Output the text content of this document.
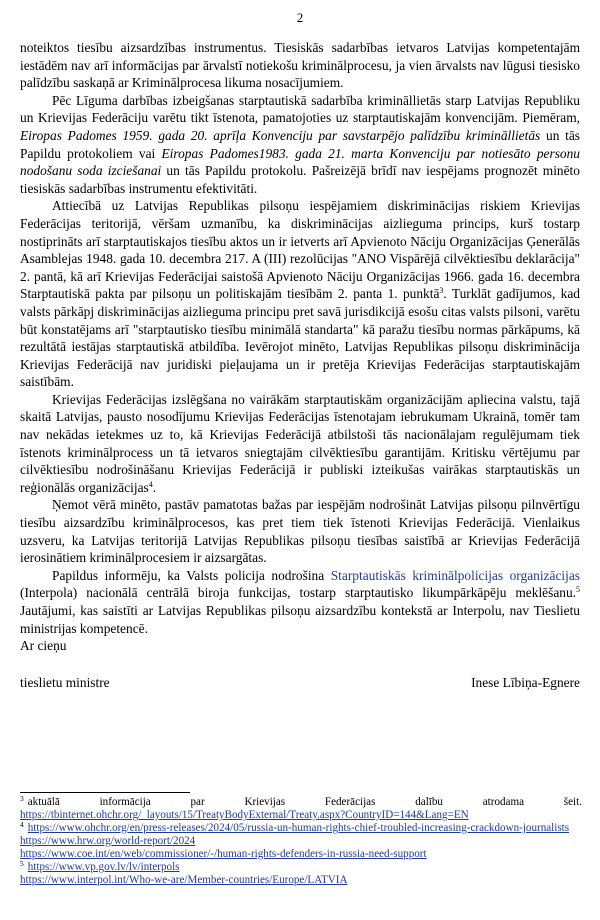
2

noteiktos tiesību aizsardzības instrumentus. Tiesiskās sadarbības ietvaros Latvijas kompetentajām iestādēm nav arī informācijas par ārvalstī notiekošu kriminālprocesu, ja vien ārvalsts nav lūgusi tiesisko palīdzību saskaņā ar Kriminālprocesa likuma nosacījumiem.

Pēc Līguma darbības izbeigšanas starptautiskā sadarbība krimināllietās starp Latvijas Republiku un Krievijas Federāciju varētu tikt īstenota, pamatojoties uz starptautiskajām konvencijām. Piemēram, Eiropas Padomes 1959. gada 20. aprīļa Konvenciju par savstarpējo palīdzību krimināllietās un tās Papildu protokoliem vai Eiropas Padomes1983. gada 21. marta Konvenciju par notiesāto personu nodošanu soda izciešanai un tās Papildu protokolu. Pašreizējā brīdī nav iespējams prognozēt minēto tiesiskās sadarbības instrumentu efektivitāti.

Attiecībā uz Latvijas Republikas pilsoņu iespējamiem diskriminācijas riskiem Krievijas Federācijas teritorijā, vēršam uzmanību, ka diskriminācijas aizlieguma princips, kurš tostarp nostiprināts arī starptautiskajos tiesību aktos un ir ietverts arī Apvienoto Nāciju Organizācijas Ģenerālās Asamblejas 1948. gada 10. decembra 217. A (III) rezolūcijas "ANO Vispārējā cilvēktiesību deklarācija" 2. pantā, kā arī Krievijas Federācijai saistošā Apvienoto Nāciju Organizācijas 1966. gada 16. decembra Starptautiskā pakta par pilsoņu un politiskajām tiesībām 2. panta 1. punktā$^3$. Turklāt gadījumos, kad valsts pārkāpj diskriminācijas aizlieguma principu pret savā jurisdikcijā esošu citas valsts pilsoni, varētu būt konstatējams arī "starptautisko tiesību minimālā standarta" kā paražu tiesību normas pārkāpums, kā rezultātā iestājas starptautiskā atbildība. Ievērojot minēto, Latvijas Republikas pilsoņu diskriminācija Krievijas Federācijā nav juridiski pieļaujama un ir pretēja Krievijas Federācijas starptautiskajām saistībām.

Krievijas Federācijas izslēgšana no vairākām starptautiskām organizācijām apliecina valstu, tajā skaitā Latvijas, pausto nosodījumu Krievijas Federācijas īstenotajam iebrukumam Ukrainā, tomēr tam nav nekādas ietekmes uz to, kā Krievijas Federācijā atbilstoši tās nacionālajam regulējumam tiek īstenots kriminālprocess un tā ietvaros sniegtajām cilvēktiesību garantijām. Kritisku vērtējumu par cilvēktiesību nodrošināšanu Krievijas Federācijā ir publiski izteikušas vairākas starptautiskās un reģionālās organizācijas$^4$.

Ņemot vērā minēto, pastāv pamatotas bažas par iespējām nodrošināt Latvijas pilsoņu pilnvērtīgu tiesību aizsardzību kriminālprocesos, kas pret tiem tiek īstenoti Krievijas Federācijā. Vienlaikus uzsveru, ka Latvijas teritorijā Latvijas Republikas pilsoņu tiesības saistībā ar Krievijas Federācijā ierosinātiem kriminālprocesiem ir aizsargātas.

Papildus informēju, ka Valsts policija nodrošina Starptautiskās kriminālpolicijas organizācijas (Interpola) nacionālā centrālā biroja funkcijas, tostarp starptautisko likumpārkāpēju meklēšanu.$^5$ Jautājumi, kas saistīti ar Latvijas Republikas pilsoņu aizsardzību kontekstā ar Interpolu, nav Tieslietu ministrijas kompetencē.

Ar cieņu
tieslietu ministre	Inese Lībiņa-Egnere
$^3$ aktuālā informācija par Krievijas Federācijas dalību atrodama šeit.
https://tbinternet.ohchr.org/_layouts/15/TreatyBodyExternal/Treaty.aspx?CountryID=144&Lang=EN
$^4$ https://www.ohchr.org/en/press-releases/2024/05/russia-un-human-rights-chief-troubled-increasing-crackdown-journalists
https://www.hrw.org/world-report/2024
https://www.coe.int/en/web/commissioner/-/human-rights-defenders-in-russia-need-support
$^5$ https://www.vp.gov.lv/lv/interpols
https://www.interpol.int/Who-we-are/Member-countries/Europe/LATVIA
